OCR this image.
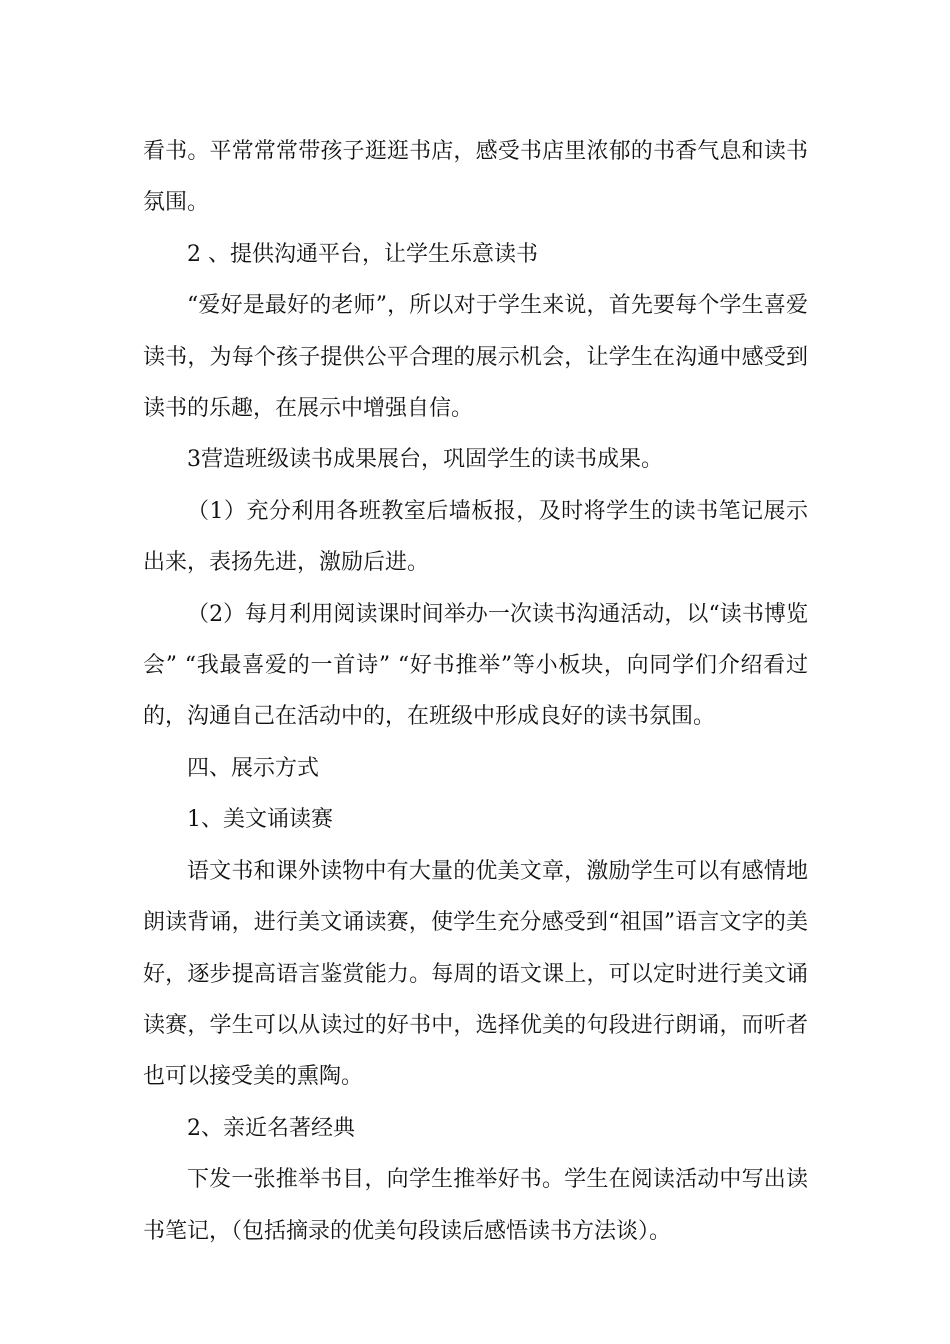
看书。平常常常带孩子逛逛书店，感受书店里浓郁的书香气息和读书氛围。

2 、提供沟通平台，让学生乐意读书

“爱好是最好的老师”，所以对于学生来说，首先要每个学生喜爱读书，为每个孩子提供公平合理的展示机会，让学生在沟通中感受到读书的乐趣，在展示中增强自信。

3营造班级读书成果展台，巩固学生的读书成果。

（1）充分利用各班教室后墙板报，及时将学生的读书笔记展示出来，表扬先进，激励后进。

（2）每月利用阅读课时间举办一次读书沟通活动，以“读书博览会” “我最喜爱的一首诗” “好书推举”等小板块，向同学们介绍看过的，沟通自己在活动中的，在班级中形成良好的读书氛围。

四、展示方式

1、美文诵读赛

语文书和课外读物中有大量的优美文章，激励学生可以有感情地朗读背诵，进行美文诵读赛，使学生充分感受到“祖国”语言文字的美好，逐步提高语言鉴赏能力。每周的语文课上，可以定时进行美文诵读赛，学生可以从读过的好书中，选择优美的句段进行朗诵，而听者也可以接受美的熏陶。

2、亲近名著经典

下发一张推举书目，向学生推举好书。学生在阅读活动中写出读书笔记，（包括摘录的优美句段读后感悟读书方法谈）。
